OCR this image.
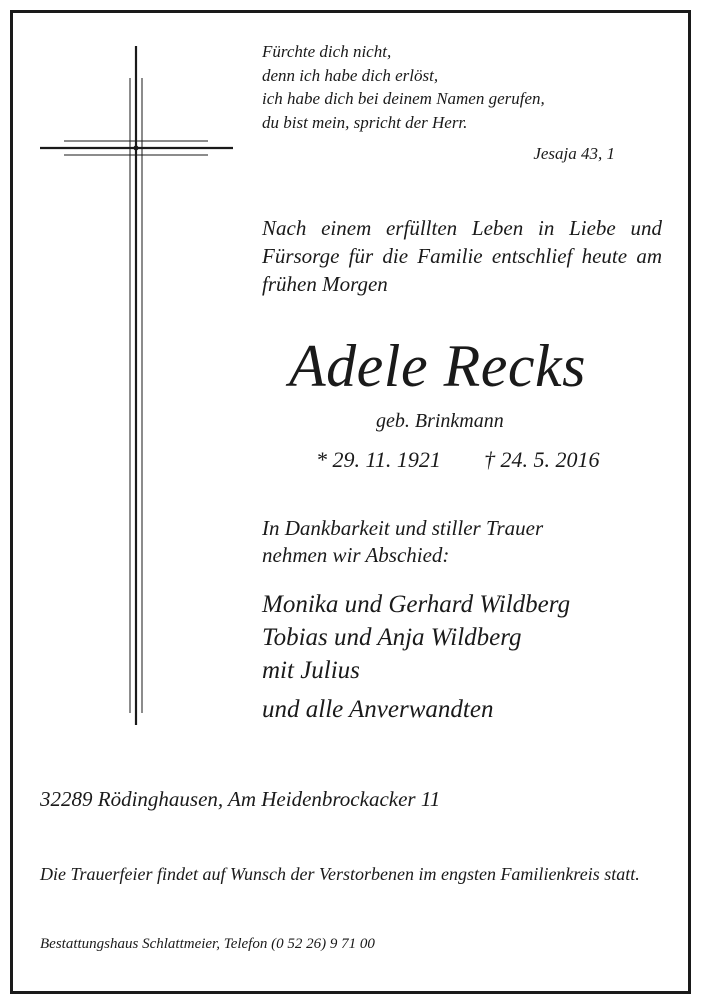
Fürchte dich nicht,
denn ich habe dich erlöst,
ich habe dich bei deinem Namen gerufen,
du bist mein, spricht der Herr.
Jesaja 43, 1
Nach einem erfüllten Leben in Liebe und Fürsorge für die Familie entschlief heute am frühen Morgen
Adele Recks
geb. Brinkmann
* 29. 11. 1921 † 24. 5. 2016
In Dankbarkeit und stiller Trauer
nehmen wir Abschied:
Monika und Gerhard Wildberg
Tobias und Anja Wildberg
mit Julius
und alle Anverwandten
32289 Rödinghausen, Am Heidenbrockacker 11
Die Trauerfeier findet auf Wunsch der Verstorbenen im engsten Familienkreis statt.
Bestattungshaus Schlattmeier, Telefon (0 52 26) 9 71 00
